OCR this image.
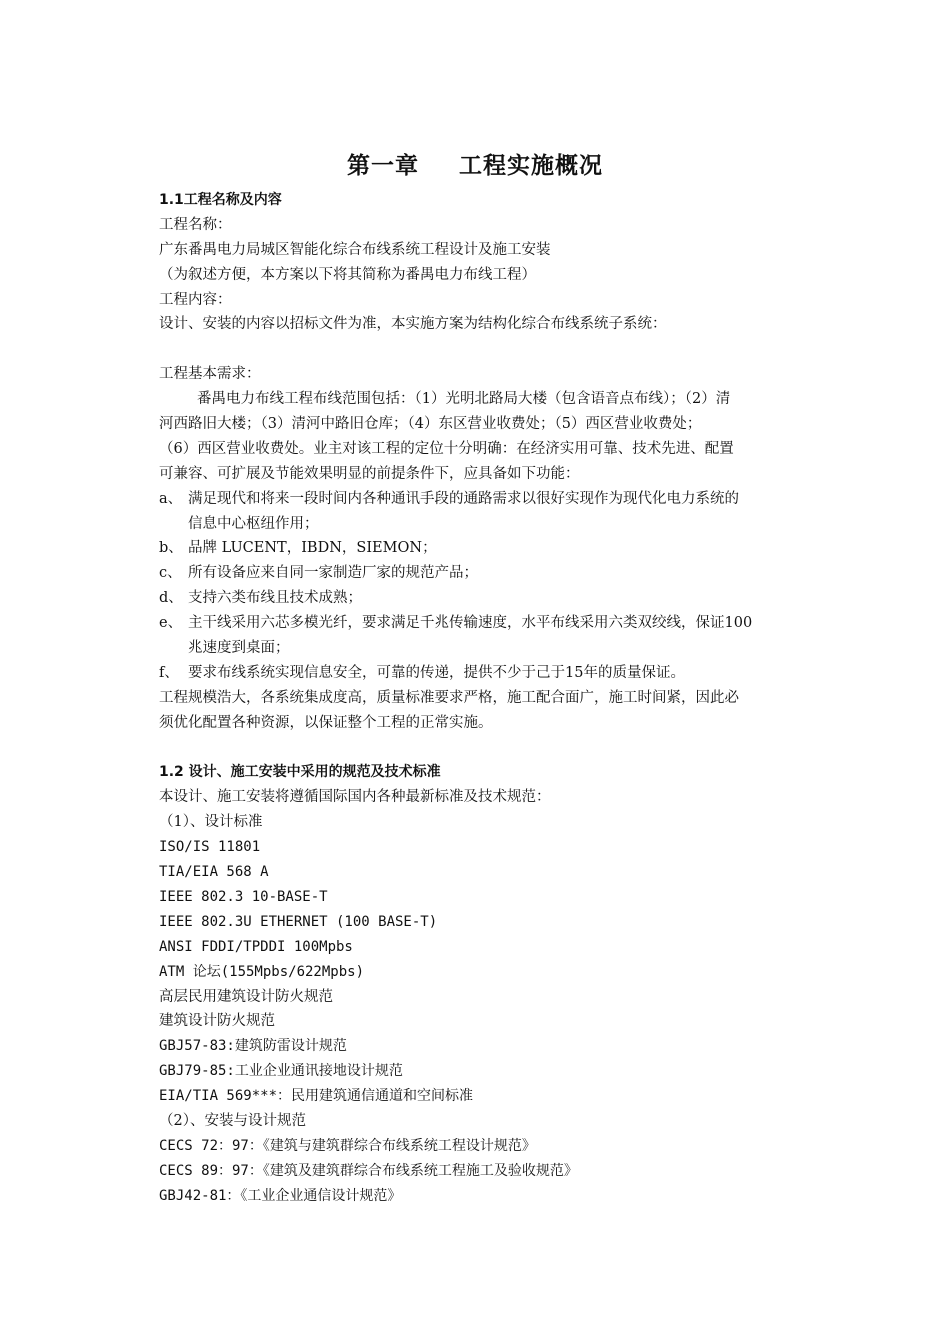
第一章 工程实施概况
1.1工程名称及内容
工程名称：
广东番禺电力局城区智能化综合布线系统工程设计及施工安装
（为叙述方便，本方案以下将其简称为番禺电力布线工程）
工程内容：
设计、安装的内容以招标文件为准，本实施方案为结构化综合布线系统子系统：
工程基本需求：
番禺电力布线工程布线范围包括：（1）光明北路局大楼（包含语音点布线）；（2）清
河西路旧大楼；（3）清河中路旧仓库；（4）东区营业收费处；（5）西区营业收费处；
（6）西区营业收费处。业主对该工程的定位十分明确：在经济实用可靠、技术先进、配置
可兼容、可扩展及节能效果明显的前提条件下，应具备如下功能：
a、 满足现代和将来一段时间内各种通讯手段的通路需求以很好实现作为现代化电力系统的
信息中心枢纽作用；
b、 品牌 LUCENT，IBDN，SIEMON；
c、 所有设备应来自同一家制造厂家的规范产品；
d、 支持六类布线且技术成熟；
e、 主干线采用六芯多模光纤，要求满足千兆传输速度，水平布线采用六类双绞线，保证100
兆速度到桌面；
f、 要求布线系统实现信息安全，可靠的传递，提供不少于己于15年的质量保证。
工程规模浩大，各系统集成度高，质量标准要求严格，施工配合面广，施工时间紧，因此必
须优化配置各种资源，以保证整个工程的正常实施。
1.2 设计、施工安装中采用的规范及技术标准
本设计、施工安装将遵循国际国内各种最新标准及技术规范：
（1）、设计标准
ISO/IS 11801
TIA/EIA 568 A
IEEE 802.3 10-BASE-T
IEEE 802.3U ETHERNET (100 BASE-T)
ANSI FDDI/TPDDI 100Mpbs
ATM 论坛(155Mpbs/622Mpbs)
高层民用建筑设计防火规范
建筑设计防火规范
GBJ57-83:建筑防雷设计规范
GBJ79-85:工业企业通讯接地设计规范
EIA/TIA 569***：民用建筑通信通道和空间标准
（2）、安装与设计规范
CECS 72：97：《建筑与建筑群综合布线系统工程设计规范》
CECS 89：97：《建筑及建筑群综合布线系统工程施工及验收规范》
GBJ42-81：《工业企业通信设计规范》
